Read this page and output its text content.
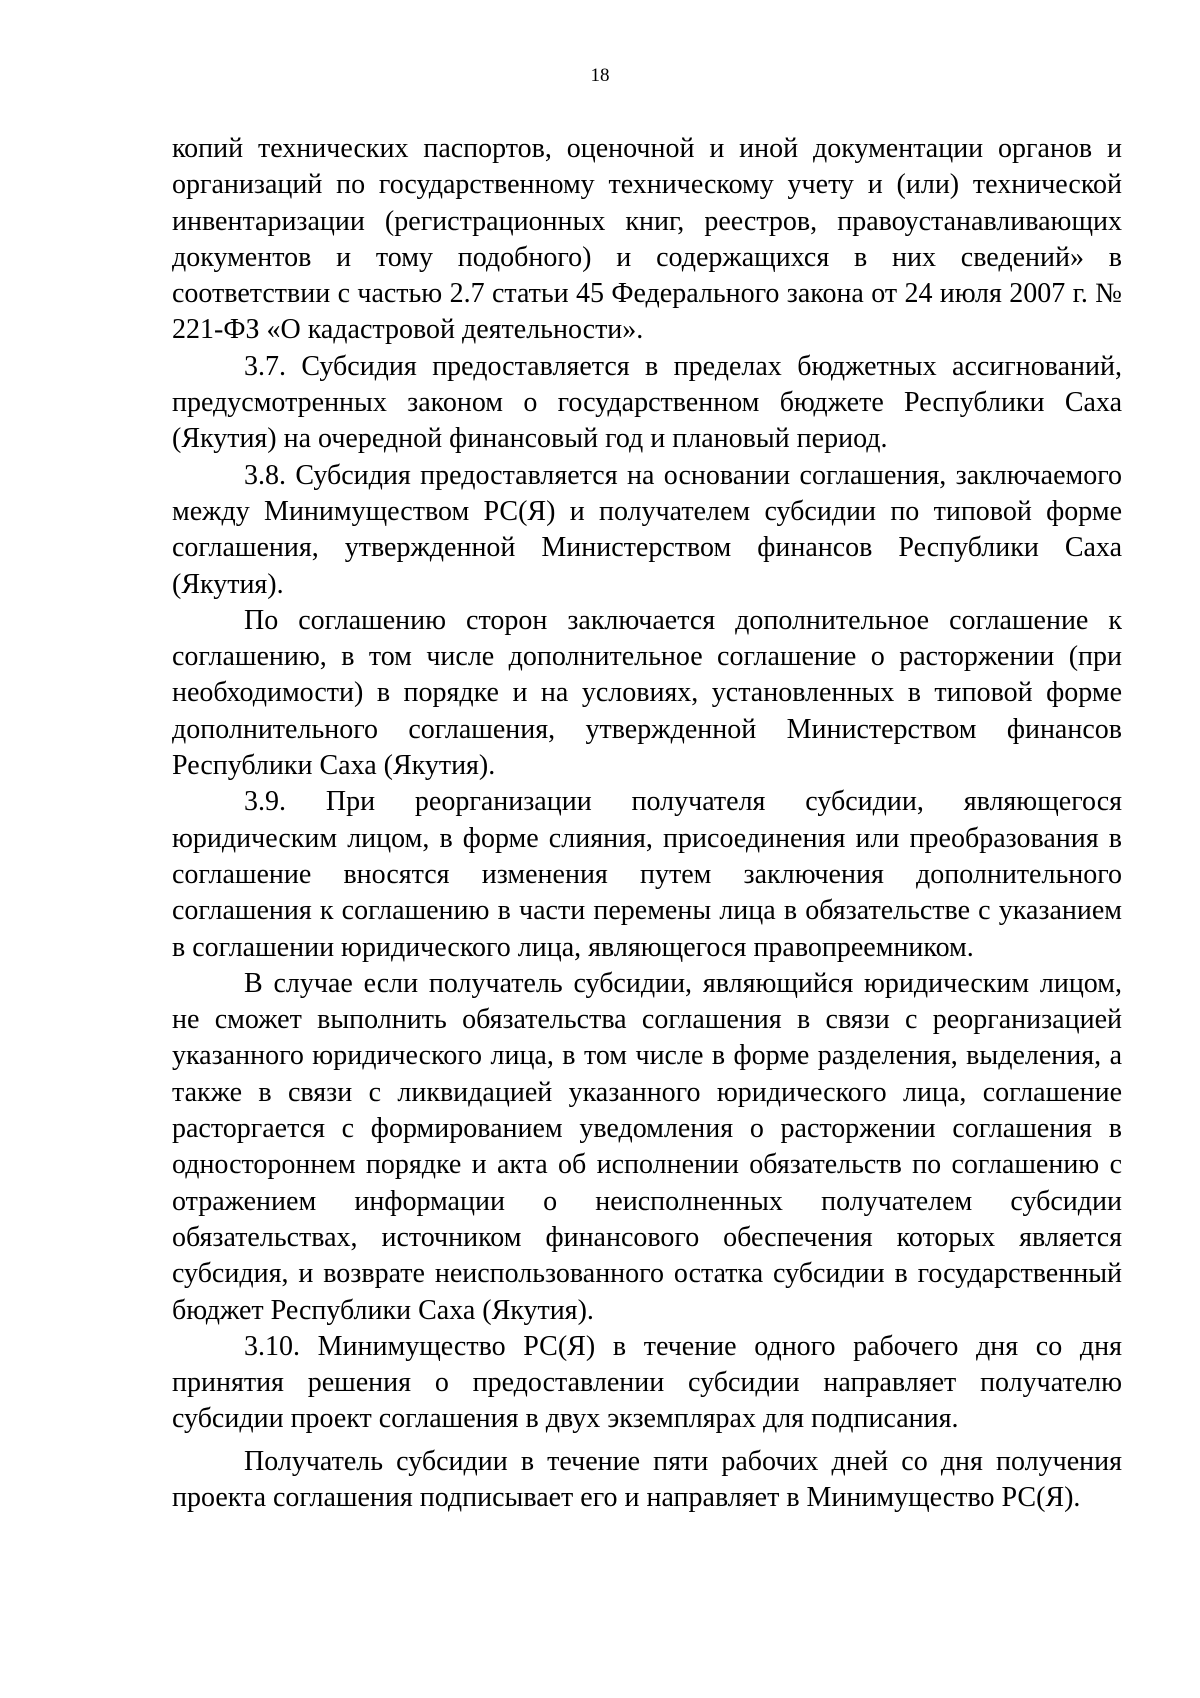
18

копий технических паспортов, оценочной и иной документации органов и организаций по государственному техническому учету и (или) технической инвентаризации (регистрационных книг, реестров, правоустанавливающих документов и тому подобного) и содержащихся в них сведений» в соответствии с частью 2.7 статьи 45 Федерального закона от 24 июля 2007 г. № 221-ФЗ «О кадастровой деятельности».

3.7. Субсидия предоставляется в пределах бюджетных ассигнований, предусмотренных законом о государственном бюджете Республики Саха (Якутия) на очередной финансовый год и плановый период.

3.8. Субсидия предоставляется на основании соглашения, заключаемого между Минимуществом РС(Я) и получателем субсидии по типовой форме соглашения, утвержденной Министерством финансов Республики Саха (Якутия).

По соглашению сторон заключается дополнительное соглашение к соглашению, в том числе дополнительное соглашение о расторжении (при необходимости) в порядке и на условиях, установленных в типовой форме дополнительного соглашения, утвержденной Министерством финансов Республики Саха (Якутия).

3.9. При реорганизации получателя субсидии, являющегося юридическим лицом, в форме слияния, присоединения или преобразования в соглашение вносятся изменения путем заключения дополнительного соглашения к соглашению в части перемены лица в обязательстве с указанием в соглашении юридического лица, являющегося правопреемником.

В случае если получатель субсидии, являющийся юридическим лицом, не сможет выполнить обязательства соглашения в связи с реорганизацией указанного юридического лица, в том числе в форме разделения, выделения, а также в связи с ликвидацией указанного юридического лица, соглашение расторгается с формированием уведомления о расторжении соглашения в одностороннем порядке и акта об исполнении обязательств по соглашению с отражением информации о неисполненных получателем субсидии обязательствах, источником финансового обеспечения которых является субсидия, и возврате неиспользованного остатка субсидии в государственный бюджет Республики Саха (Якутия).

3.10. Минимущество РС(Я) в течение одного рабочего дня со дня принятия решения о предоставлении субсидии направляет получателю субсидии проект соглашения в двух экземплярах для подписания.

Получатель субсидии в течение пяти рабочих дней со дня получения проекта соглашения подписывает его и направляет в Минимущество РС(Я).
